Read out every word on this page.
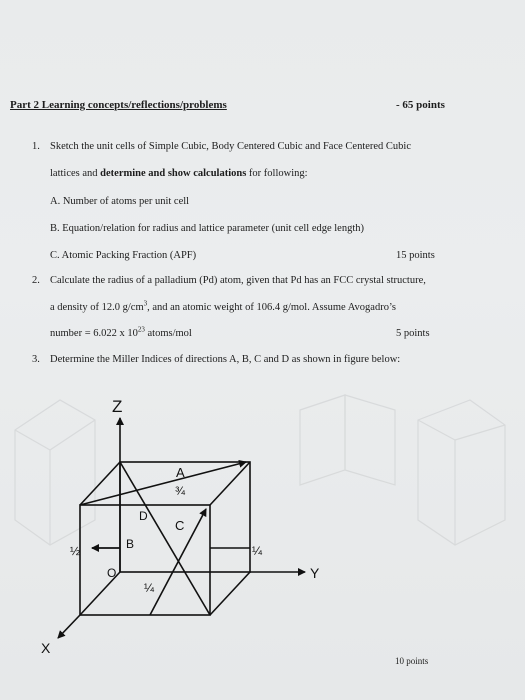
Part 2 Learning concepts/reflections/problems	- 65 points
1. Sketch the unit cells of Simple Cubic, Body Centered Cubic and Face Centered Cubic
lattices and determine and show calculations for following:
A. Number of atoms per unit cell
B. Equation/relation for radius and lattice parameter (unit cell edge length)
C. Atomic Packing Fraction (APF)	15 points
2. Calculate the radius of a palladium (Pd) atom, given that Pd has an FCC crystal structure,
a density of 12.0 $g/cm^3$, and an atomic weight of 106.4 g/mol. Assume Avogadro’s
number = 6.022 x $10^{23}$ atoms/mol	5 points
3. Determine the Miller Indices of directions A, B, C and D as shown in figure below:
Z
Y
X
O
A
B
C
D
¾
½	¼
¼
10 points
